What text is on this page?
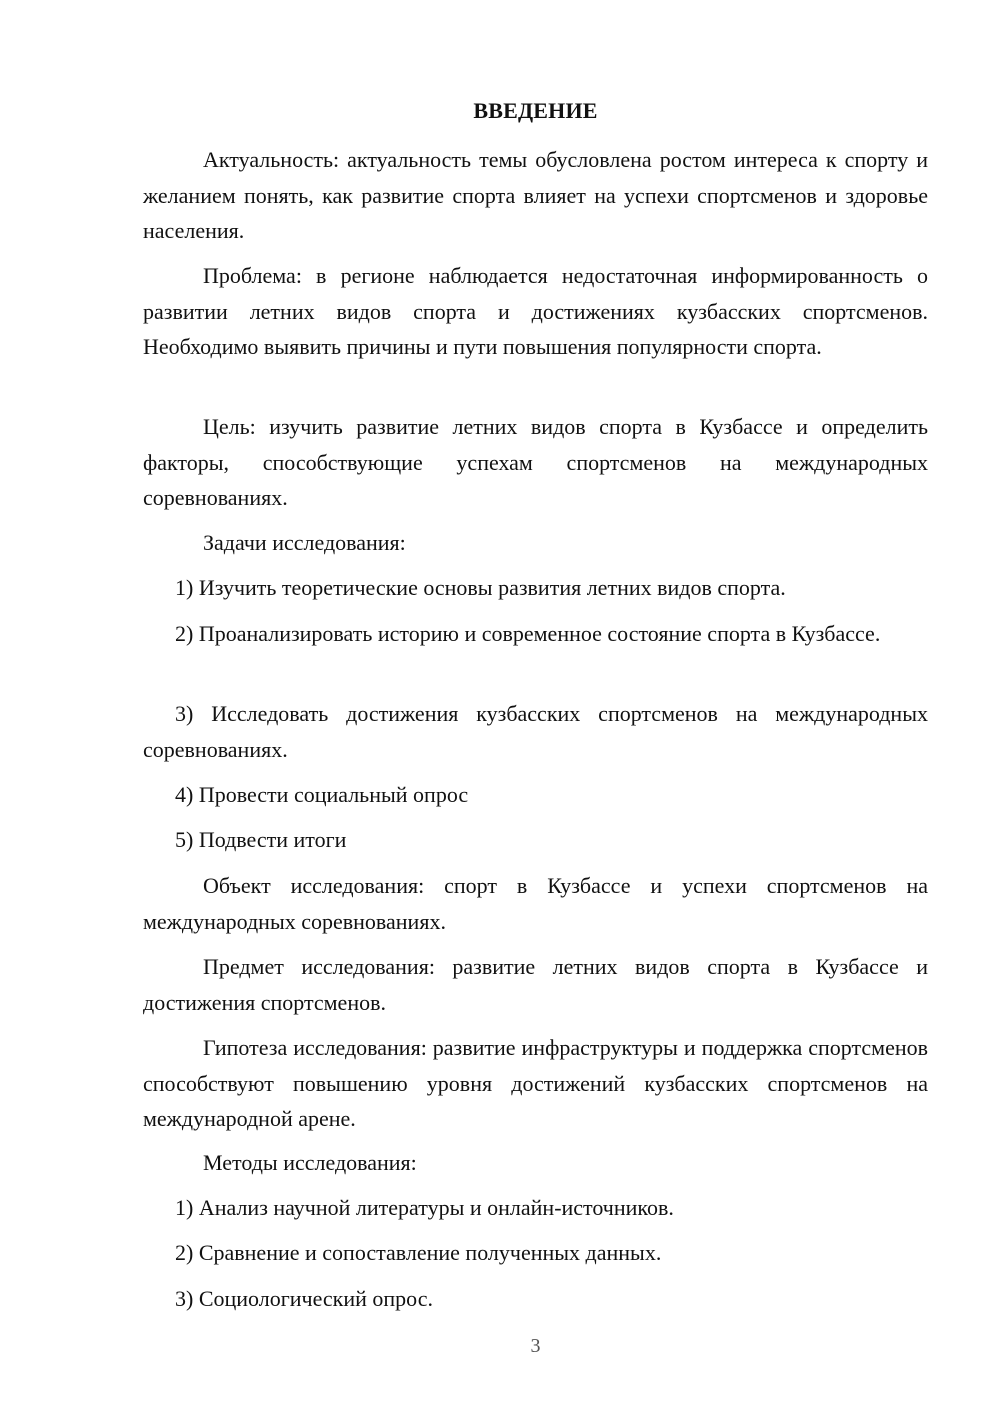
ВВЕДЕНИЕ

Актуальность: актуальность темы обусловлена ростом интереса к спорту и желанием понять, как развитие спорта влияет на успехи спортсменов и здоровье населения.

Проблема: в регионе наблюдается недостаточная информированность о развитии летних видов спорта и достижениях кузбасских спортсменов. Необходимо выявить причины и пути повышения популярности спорта.

Цель: изучить развитие летних видов спорта в Кузбассе и определить факторы, способствующие успехам спортсменов на международных соревнованиях.

Задачи исследования:

1) Изучить теоретические основы развития летних видов спорта.

2) Проанализировать историю и современное состояние спорта в Кузбассе.

3) Исследовать достижения кузбасских спортсменов на международных соревнованиях.

4) Провести социальный опрос

5) Подвести итоги

Объект исследования: спорт в Кузбассе и успехи спортсменов на международных соревнованиях.

Предмет исследования: развитие летних видов спорта в Кузбассе и достижения спортсменов.

Гипотеза исследования: развитие инфраструктуры и поддержка спортсменов способствуют повышению уровня достижений кузбасских спортсменов на международной арене.

Методы исследования:

1) Анализ научной литературы и онлайн-источников.

2) Сравнение и сопоставление полученных данных.

3) Социологический опрос.

3
